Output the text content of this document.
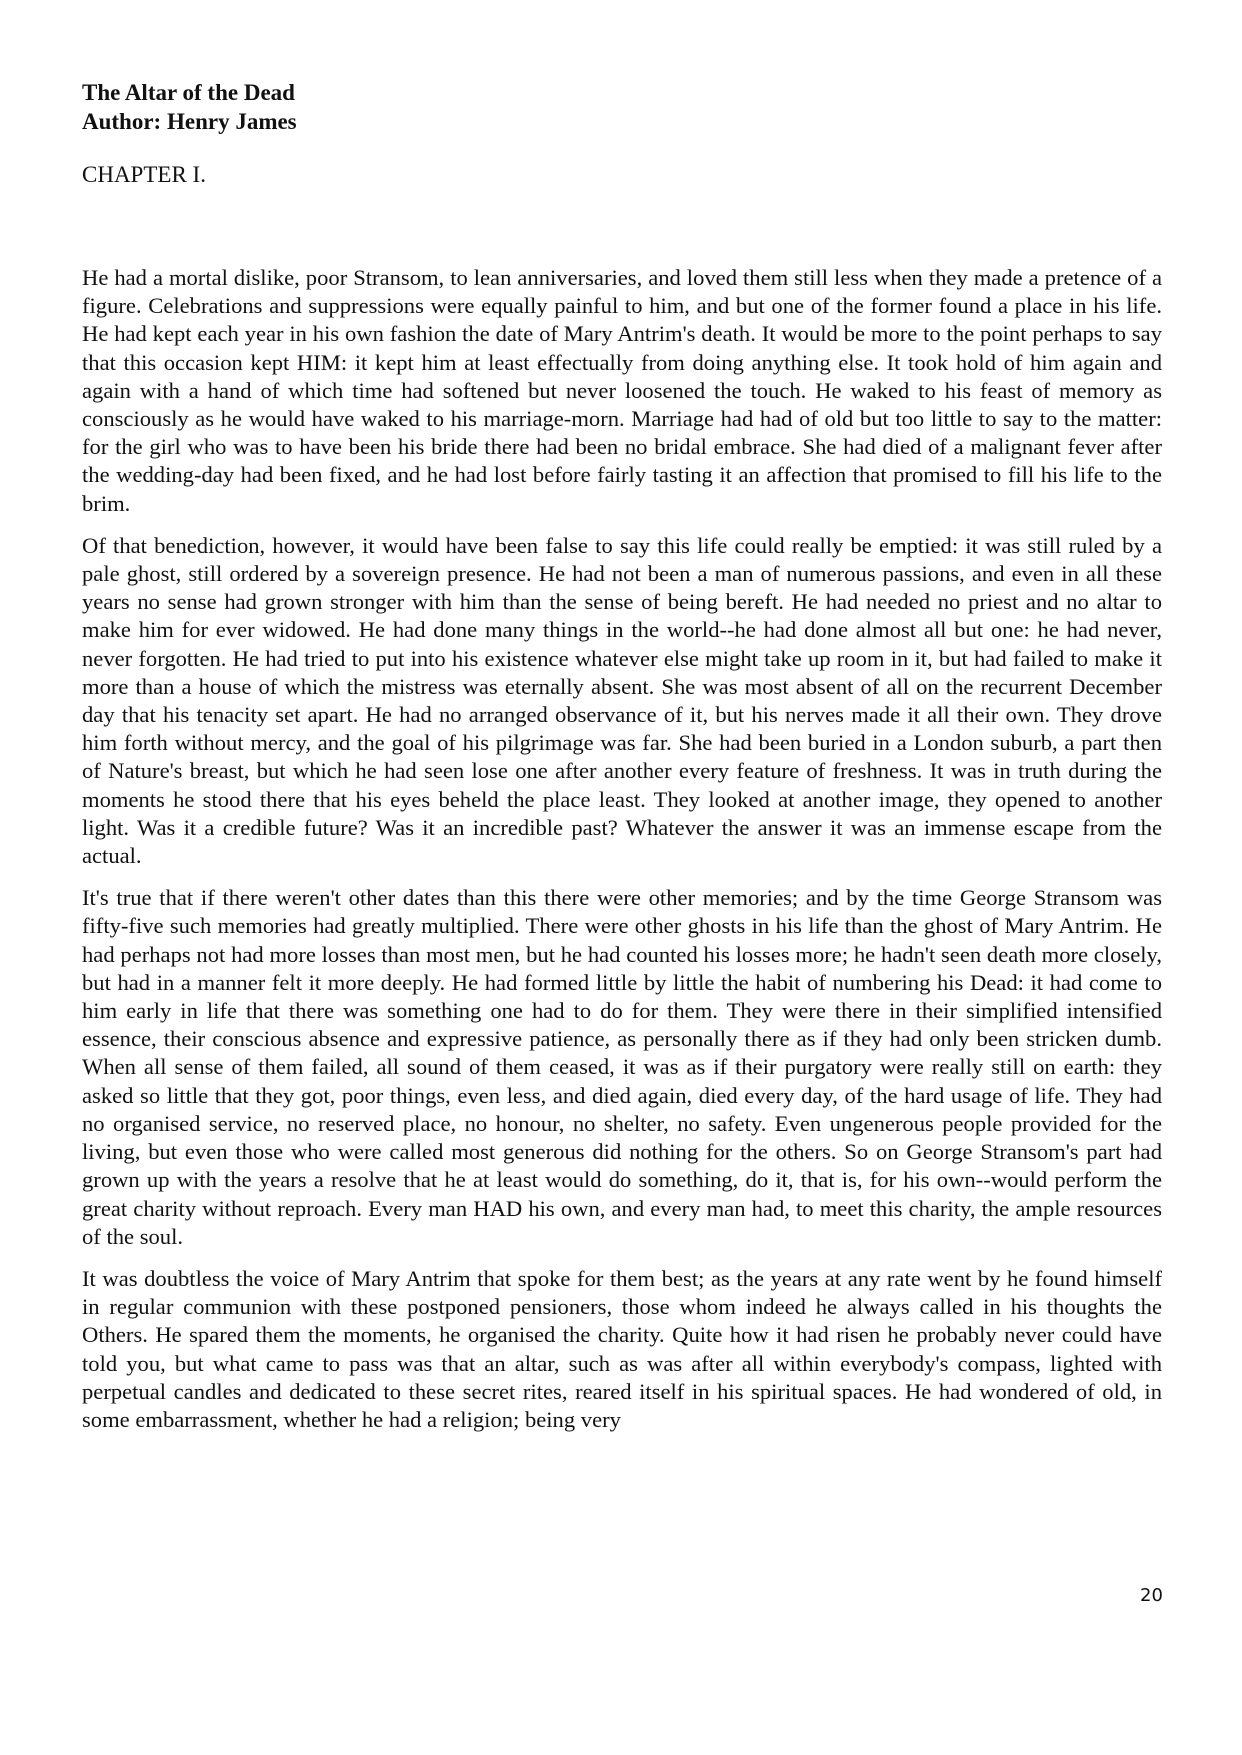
The Altar of the Dead
Author: Henry James
CHAPTER I.

He had a mortal dislike, poor Stransom, to lean anniversaries, and loved them still less when they made a pretence of a figure. Celebrations and suppressions were equally painful to him, and but one of the former found a place in his life. He had kept each year in his own fashion the date of Mary Antrim's death. It would be more to the point perhaps to say that this occasion kept HIM: it kept him at least effectually from doing anything else. It took hold of him again and again with a hand of which time had softened but never loosened the touch. He waked to his feast of memory as consciously as he would have waked to his marriage-morn. Marriage had had of old but too little to say to the matter: for the girl who was to have been his bride there had been no bridal embrace. She had died of a malignant fever after the wedding-day had been fixed, and he had lost before fairly tasting it an affection that promised to fill his life to the brim.

Of that benediction, however, it would have been false to say this life could really be emptied: it was still ruled by a pale ghost, still ordered by a sovereign presence. He had not been a man of numerous passions, and even in all these years no sense had grown stronger with him than the sense of being bereft. He had needed no priest and no altar to make him for ever widowed. He had done many things in the world--he had done almost all but one: he had never, never forgotten. He had tried to put into his existence whatever else might take up room in it, but had failed to make it more than a house of which the mistress was eternally absent. She was most absent of all on the recurrent December day that his tenacity set apart. He had no arranged observance of it, but his nerves made it all their own. They drove him forth without mercy, and the goal of his pilgrimage was far. She had been buried in a London suburb, a part then of Nature's breast, but which he had seen lose one after another every feature of freshness. It was in truth during the moments he stood there that his eyes beheld the place least. They looked at another image, they opened to another light. Was it a credible future? Was it an incredible past? Whatever the answer it was an immense escape from the actual.

It's true that if there weren't other dates than this there were other memories; and by the time George Stransom was fifty-five such memories had greatly multiplied. There were other ghosts in his life than the ghost of Mary Antrim. He had perhaps not had more losses than most men, but he had counted his losses more; he hadn't seen death more closely, but had in a manner felt it more deeply. He had formed little by little the habit of numbering his Dead: it had come to him early in life that there was something one had to do for them. They were there in their simplified intensified essence, their conscious absence and expressive patience, as personally there as if they had only been stricken dumb. When all sense of them failed, all sound of them ceased, it was as if their purgatory were really still on earth: they asked so little that they got, poor things, even less, and died again, died every day, of the hard usage of life. They had no organised service, no reserved place, no honour, no shelter, no safety. Even ungenerous people provided for the living, but even those who were called most generous did nothing for the others. So on George Stransom's part had grown up with the years a resolve that he at least would do something, do it, that is, for his own--would perform the great charity without reproach. Every man HAD his own, and every man had, to meet this charity, the ample resources of the soul.

It was doubtless the voice of Mary Antrim that spoke for them best; as the years at any rate went by he found himself in regular communion with these postponed pensioners, those whom indeed he always called in his thoughts the Others. He spared them the moments, he organised the charity. Quite how it had risen he probably never could have told you, but what came to pass was that an altar, such as was after all within everybody's compass, lighted with perpetual candles and dedicated to these secret rites, reared itself in his spiritual spaces. He had wondered of old, in some embarrassment, whether he had a religion; being very

20
